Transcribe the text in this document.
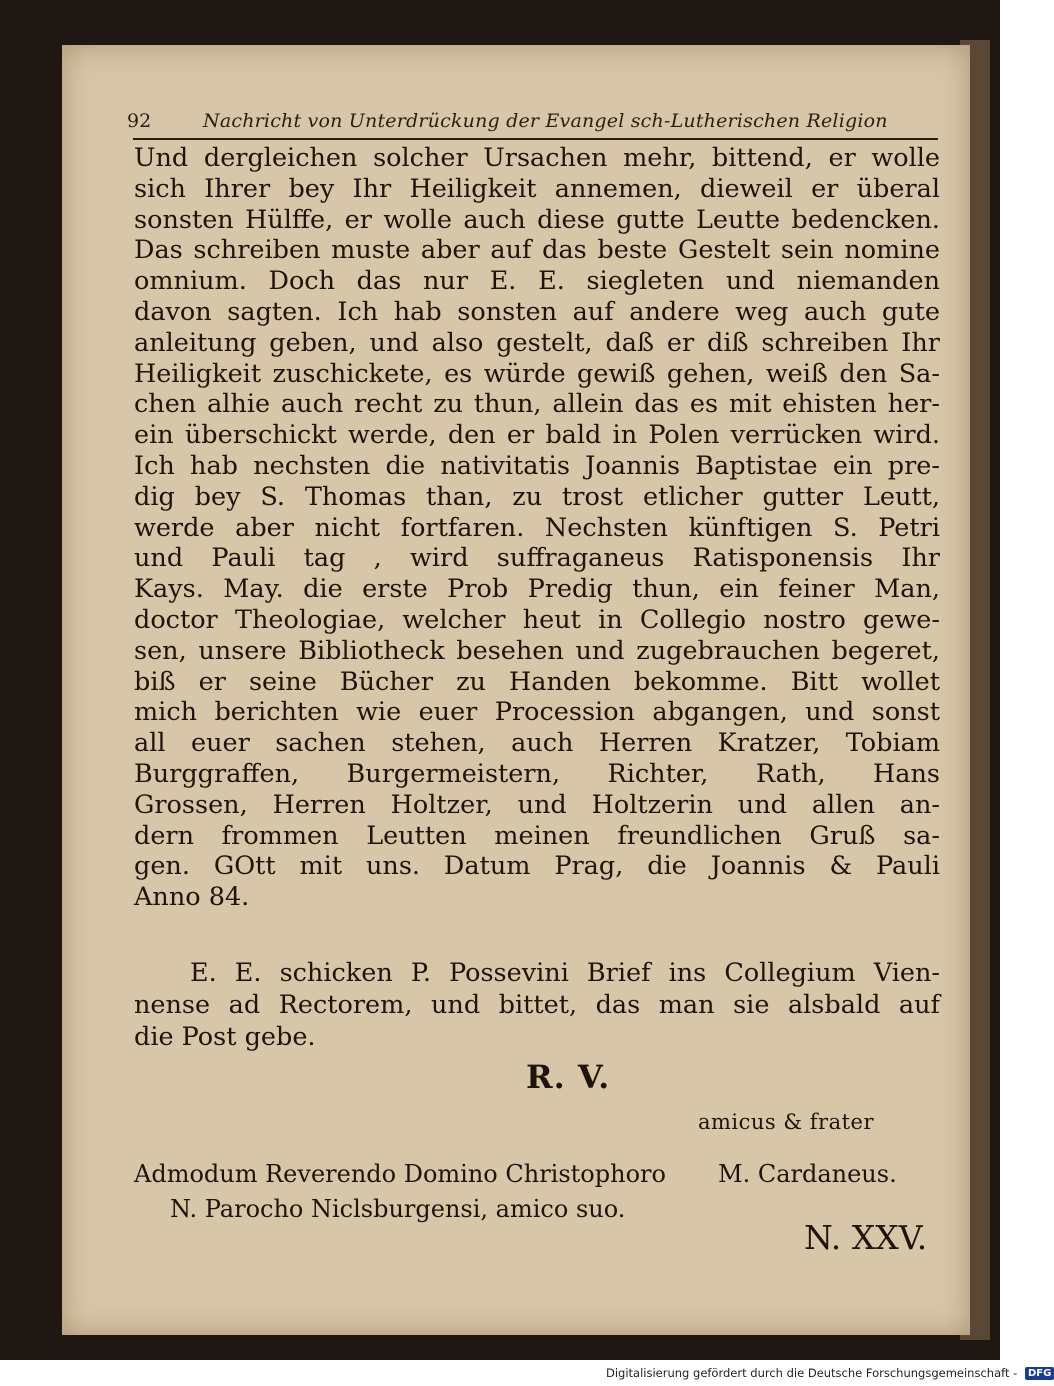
92	Nachricht von Unterdrückung der Evangel sch-Lutherischen Religion
Und dergleichen solcher Ursachen mehr, bittend, er wolle
sich Ihrer bey Ihr Heiligkeit annemen, dieweil er überal
sonsten Hülffe, er wolle auch diese gutte Leutte bedencken.
Das schreiben muste aber auf das beste Gestelt sein nomine
omnium. Doch das nur E. E. siegleten und niemanden
davon sagten. Ich hab sonsten auf andere weg auch gute
anleitung geben, und also gestelt, daß er diß schreiben Ihr
Heiligkeit zuschickete, es würde gewiß gehen, weiß den Sa-
chen alhie auch recht zu thun, allein das es mit ehisten her-
ein überschickt werde, den er bald in Polen verrücken wird.
Ich hab nechsten die nativitatis Joannis Baptistae ein pre-
dig bey S. Thomas than, zu trost etlicher gutter Leutt,
werde aber nicht fortfaren. Nechsten künftigen S. Petri
und Pauli tag , wird suffraganeus Ratisponensis Ihr
Kays. May. die erste Prob Predig thun, ein feiner Man,
doctor Theologiae, welcher heut in Collegio nostro gewe-
sen, unsere Bibliotheck besehen und zugebrauchen begeret,
biß er seine Bücher zu Handen bekomme. Bitt wollet
mich berichten wie euer Procession abgangen, und sonst
all euer sachen stehen, auch Herren Kratzer, Tobiam
Burggraffen, Burgermeistern, Richter, Rath, Hans
Grossen, Herren Holtzer, und Holtzerin und allen an-
dern frommen Leutten meinen freundlichen Gruß sa-
gen. GOtt mit uns. Datum Prag, die Joannis & Pauli
Anno 84.
E. E. schicken P. Possevini Brief ins Collegium Vien-
nense ad Rectorem, und bittet, das man sie alsbald auf
die Post gebe.
R. V.
amicus & frater
Admodum Reverendo Domino Christophoro M. Cardaneus.
N. Parocho Niclsburgensi, amico suo.
N. XXV.
Digitalisierung gefördert durch die Deutsche Forschungsgemeinschaft - DFG
